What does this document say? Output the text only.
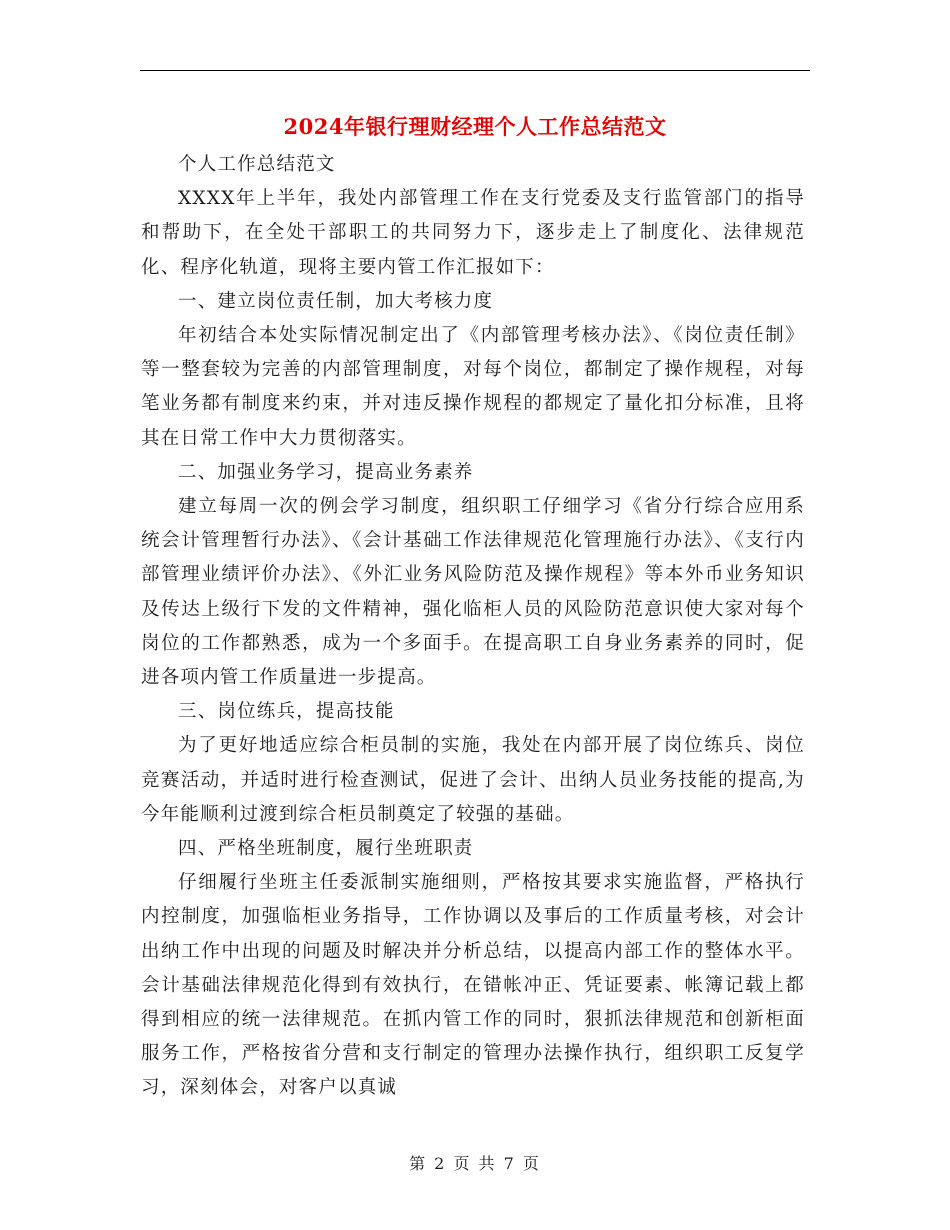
2024年银行理财经理个人工作总结范文

个人工作总结范文

XXXX年上半年，我处内部管理工作在支行党委及支行监管部门的指导和帮助下，在全处干部职工的共同努力下，逐步走上了制度化、法律规范化、程序化轨道，现将主要内管工作汇报如下：

一、建立岗位责任制，加大考核力度

年初结合本处实际情况制定出了《内部管理考核办法》、《岗位责任制》等一整套较为完善的内部管理制度，对每个岗位，都制定了操作规程，对每笔业务都有制度来约束，并对违反操作规程的都规定了量化扣分标准，且将其在日常工作中大力贯彻落实。

二、加强业务学习，提高业务素养

建立每周一次的例会学习制度，组织职工仔细学习《省分行综合应用系统会计管理暂行办法》、《会计基础工作法律规范化管理施行办法》、《支行内部管理业绩评价办法》、《外汇业务风险防范及操作规程》等本外币业务知识及传达上级行下发的文件精神，强化临柜人员的风险防范意识使大家对每个岗位的工作都熟悉，成为一个多面手。在提高职工自身业务素养的同时，促进各项内管工作质量进一步提高。

三、岗位练兵，提高技能

为了更好地适应综合柜员制的实施，我处在内部开展了岗位练兵、岗位竞赛活动，并适时进行检查测试，促进了会计、出纳人员业务技能的提高,为今年能顺利过渡到综合柜员制奠定了较强的基础。

四、严格坐班制度，履行坐班职责

仔细履行坐班主任委派制实施细则，严格按其要求实施监督，严格执行内控制度，加强临柜业务指导，工作协调以及事后的工作质量考核，对会计出纳工作中出现的问题及时解决并分析总结，以提高内部工作的整体水平。会计基础法律规范化得到有效执行，在错帐冲正、凭证要素、帐簿记载上都得到相应的统一法律规范。在抓内管工作的同时，狠抓法律规范和创新柜面服务工作，严格按省分营和支行制定的管理办法操作执行，组织职工反复学习，深刻体会，对客户以真诚

第 2 页 共 7 页
